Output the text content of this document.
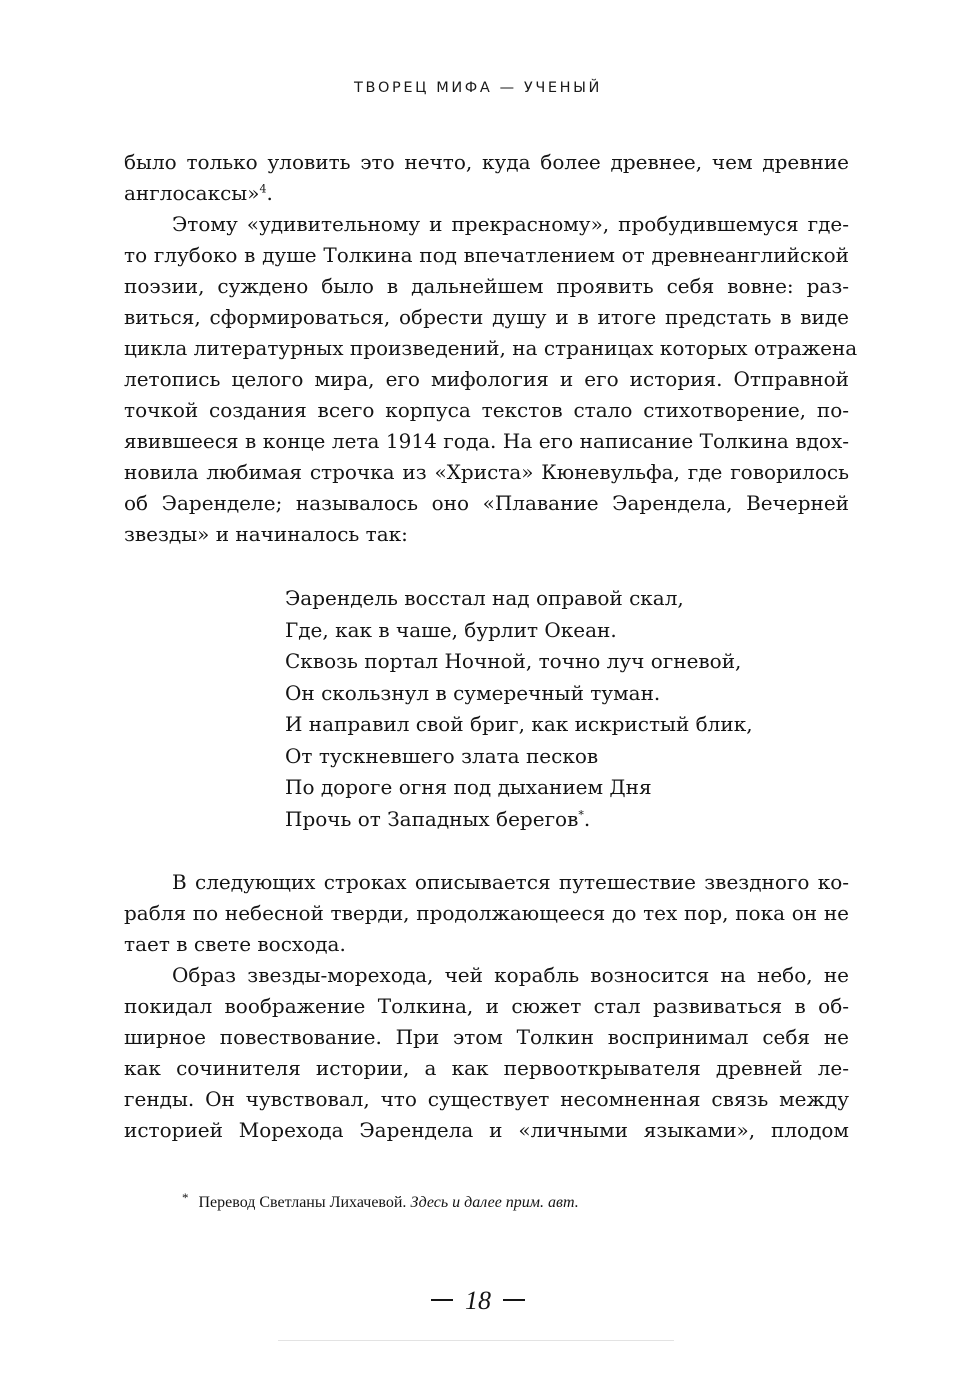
ТВОРЕЦ МИФА — УЧЕНЫЙ
было только уловить это нечто, куда более древнее, чем древние
англосаксы»$^4$.
Этому «удивительному и прекрасному», пробудившемуся где-
то глубоко в душе Толкина под впечатлением от древнеанглийской
поэзии, суждено было в дальнейшем проявить себя вовне: раз-
виться, сформироваться, обрести душу и в итоге предстать в виде
цикла литературных произведений, на страницах которых отражена
летопись целого мира, его мифология и его история. Отправной
точкой создания всего корпуса текстов стало стихотворение, по-
явившееся в конце лета 1914 года. На его написание Толкина вдох-
новила любимая строчка из «Христа» Кюневульфа, где говорилось
об Эаренделе; называлось оно «Плавание Эарендела, Вечерней
звезды» и начиналось так:
Эарендель восстал над оправой скал,
Где, как в чаше, бурлит Океан.
Сквозь портал Ночной, точно луч огневой,
Он скользнул в сумеречный туман.
И направил свой бриг, как искристый блик,
От тускневшего злата песков
По дороге огня под дыханием Дня
Прочь от Западных берегов*.
В следующих строках описывается путешествие звездного ко-
рабля по небесной тверди, продолжающееся до тех пор, пока он не
тает в свете восхода.
Образ звезды-морехода, чей корабль возносится на небо, не
покидал воображение Толкина, и сюжет стал развиваться в об-
ширное повествование. При этом Толкин воспринимал себя не
как сочинителя истории, а как первооткрывателя древней ле-
генды. Он чувствовал, что существует несомненная связь между
историей Морехода Эарендела и «личными языками», плодом
* Перевод Светланы Лихачевой. Здесь и далее прим. авт.
18
